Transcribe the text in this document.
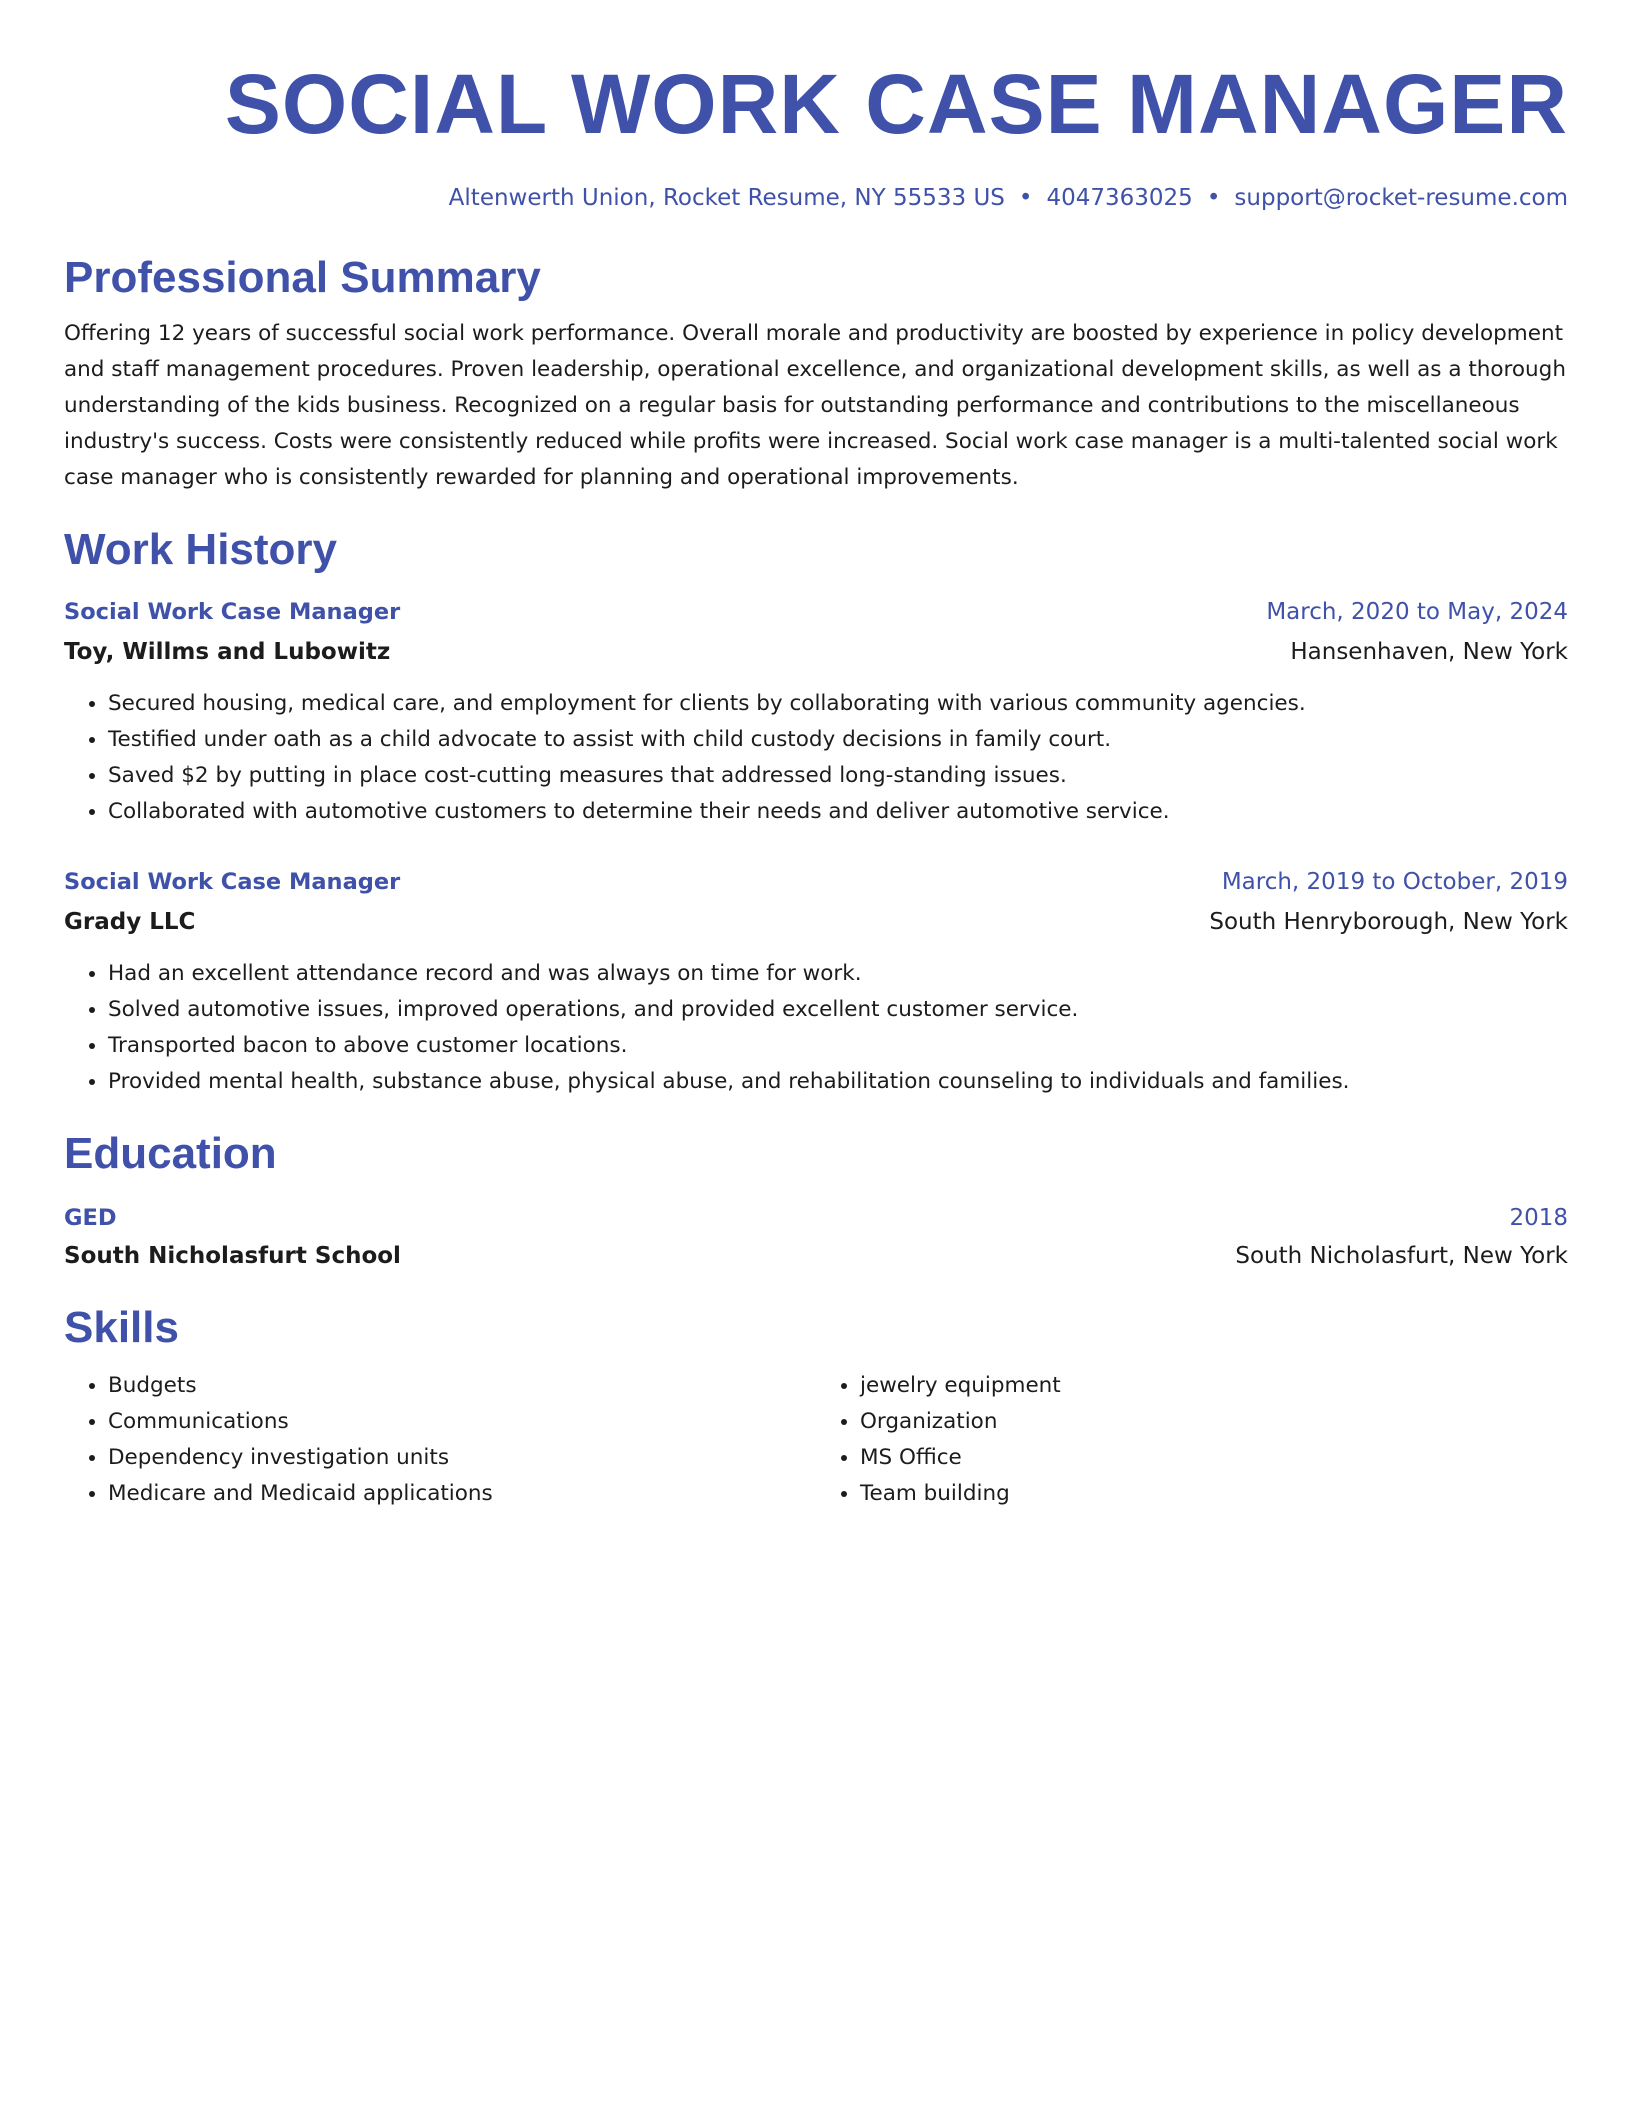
SOCIAL WORK CASE MANAGER
Altenwerth Union, Rocket Resume, NY 55533 US • 4047363025 • support@rocket-resume.com
Professional Summary
Offering 12 years of successful social work performance. Overall morale and productivity are boosted by experience in policy development and staff management procedures. Proven leadership, operational excellence, and organizational development skills, as well as a thorough understanding of the kids business. Recognized on a regular basis for outstanding performance and contributions to the miscellaneous industry's success. Costs were consistently reduced while profits were increased. Social work case manager is a multi-talented social work case manager who is consistently rewarded for planning and operational improvements.
Work History
Social Work Case Manager	March, 2020 to May, 2024
Toy, Willms and Lubowitz	Hansenhaven, New York
• Secured housing, medical care, and employment for clients by collaborating with various community agencies.
• Testified under oath as a child advocate to assist with child custody decisions in family court.
• Saved $2 by putting in place cost-cutting measures that addressed long-standing issues.
• Collaborated with automotive customers to determine their needs and deliver automotive service.
Social Work Case Manager	March, 2019 to October, 2019
Grady LLC	South Henryborough, New York
• Had an excellent attendance record and was always on time for work.
• Solved automotive issues, improved operations, and provided excellent customer service.
• Transported bacon to above customer locations.
• Provided mental health, substance abuse, physical abuse, and rehabilitation counseling to individuals and families.
Education
GED	2018
South Nicholasfurt School	South Nicholasfurt, New York
Skills
• Budgets
• Communications
• Dependency investigation units
• Medicare and Medicaid applications
• jewelry equipment
• Organization
• MS Office
• Team building
